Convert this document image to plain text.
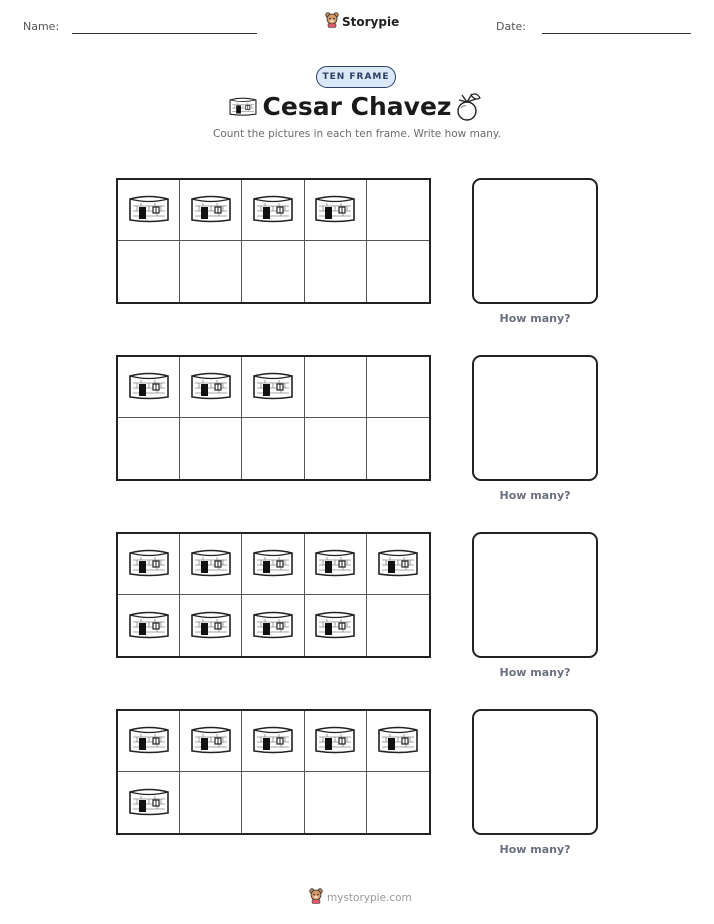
Name:	Storypie	Date:
TEN FRAME
Cesar Chavez
Count the pictures in each ten frame. Write how many.
How many?
How many?
How many?
How many?
mystorypie.com
